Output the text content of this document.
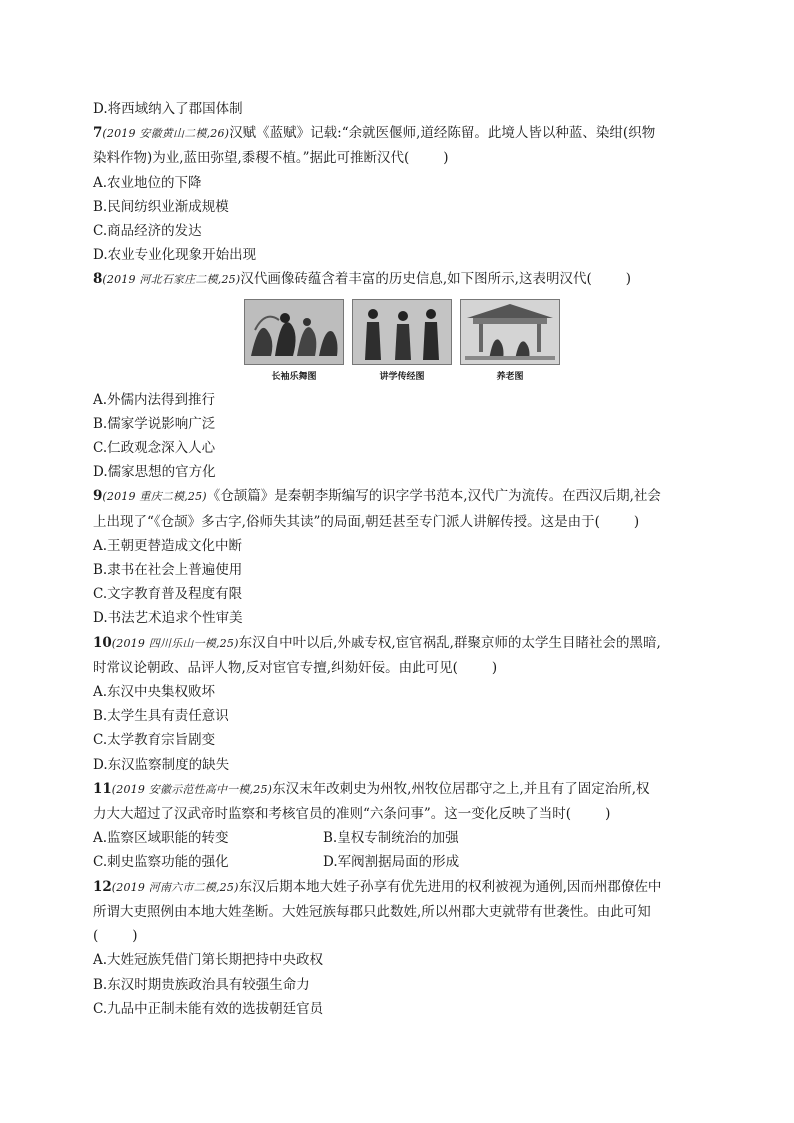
D.将西域纳入了郡国体制
7(2019 安徽黄山二模,26)汉赋《蓝赋》记载:“余就医偃师,道经陈留。此境人皆以种蓝、染绀(织物
染料作物)为业,蓝田弥望,黍稷不植。”据此可推断汉代(	)
A.农业地位的下降
B.民间纺织业渐成规模
C.商品经济的发达
D.农业专业化现象开始出现
8(2019 河北石家庄二模,25)汉代画像砖蕴含着丰富的历史信息,如下图所示,这表明汉代(	)
长袖乐舞图	讲学传经图	养老图
A.外儒内法得到推行
B.儒家学说影响广泛
C.仁政观念深入人心
D.儒家思想的官方化
9(2019 重庆二模,25)《仓颉篇》是秦朝李斯编写的识字学书范本,汉代广为流传。在西汉后期,社会
上出现了“《仓颉》多古字,俗师失其读”的局面,朝廷甚至专门派人讲解传授。这是由于(	)
A.王朝更替造成文化中断
B.隶书在社会上普遍使用
C.文字教育普及程度有限
D.书法艺术追求个性审美
10(2019 四川乐山一模,25)东汉自中叶以后,外戚专权,宦官祸乱,群聚京师的太学生目睹社会的黑暗,
时常议论朝政、品评人物,反对宦官专擅,纠劾奸佞。由此可见(	)
A.东汉中央集权败坏
B.太学生具有责任意识
C.太学教育宗旨剧变
D.东汉监察制度的缺失
11(2019 安徽示范性高中一模,25)东汉末年改刺史为州牧,州牧位居郡守之上,并且有了固定治所,权
力大大超过了汉武帝时监察和考核官员的准则“六条问事”。这一变化反映了当时(	)
A.监察区域职能的转变	B.皇权专制统治的加强
C.刺史监察功能的强化	D.军阀割据局面的形成
12(2019 河南六市二模,25)东汉后期本地大姓子孙享有优先进用的权利被视为通例,因而州郡僚佐中
所谓大吏照例由本地大姓垄断。大姓冠族每郡只此数姓,所以州郡大吏就带有世袭性。由此可知
(	)
A.大姓冠族凭借门第长期把持中央政权
B.东汉时期贵族政治具有较强生命力
C.九品中正制未能有效的选拔朝廷官员
